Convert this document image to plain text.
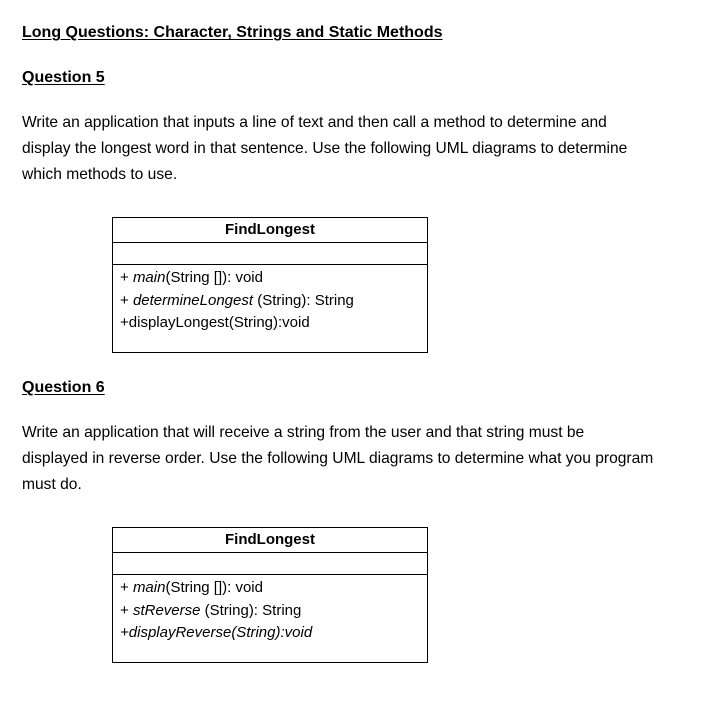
Long Questions: Character, Strings and Static Methods
Question 5
Write an application that inputs a line of text and then call a method to determine and
display the longest word in that sentence. Use the following UML diagrams to determine
which methods to use.
FindLongest
+ main(String []): void
+ determineLongest (String): String
+displayLongest(String):void
Question 6
Write an application that will receive a string from the user and that string must be
displayed in reverse order. Use the following UML diagrams to determine what you program
must do.
FindLongest
+ main(String []): void
+ stReverse (String): String
+displayReverse(String):void
